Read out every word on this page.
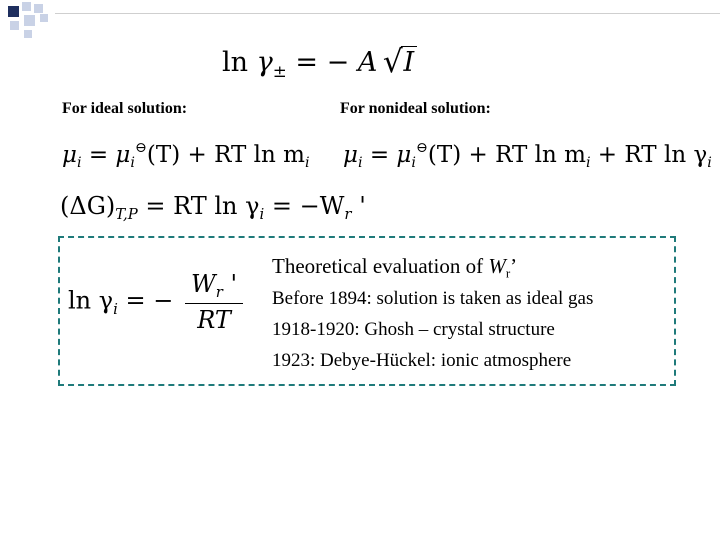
$\ln \gamma_\pm$ = − A √ I
For ideal solution:	For nonideal solution:
$\mu_i = \mu_i^⊖(T)$ + RT $\ln m_i$ $\mu_i = \mu_i^⊖(T)$ + RT $\ln m_i$ + RT $\ln \gamma_i$
$(\Delta G)_{T,P}$ = RT $\ln \gamma_i = -W_r$ '
$\ln \gamma_i$ = − $\frac{W_r '}{RT}$
Theoretical evaluation of $W_r$’
Before 1894: solution is taken as ideal gas
1918-1920: Ghosh – crystal structure
1923: Debye-Hückel: ionic atmosphere
